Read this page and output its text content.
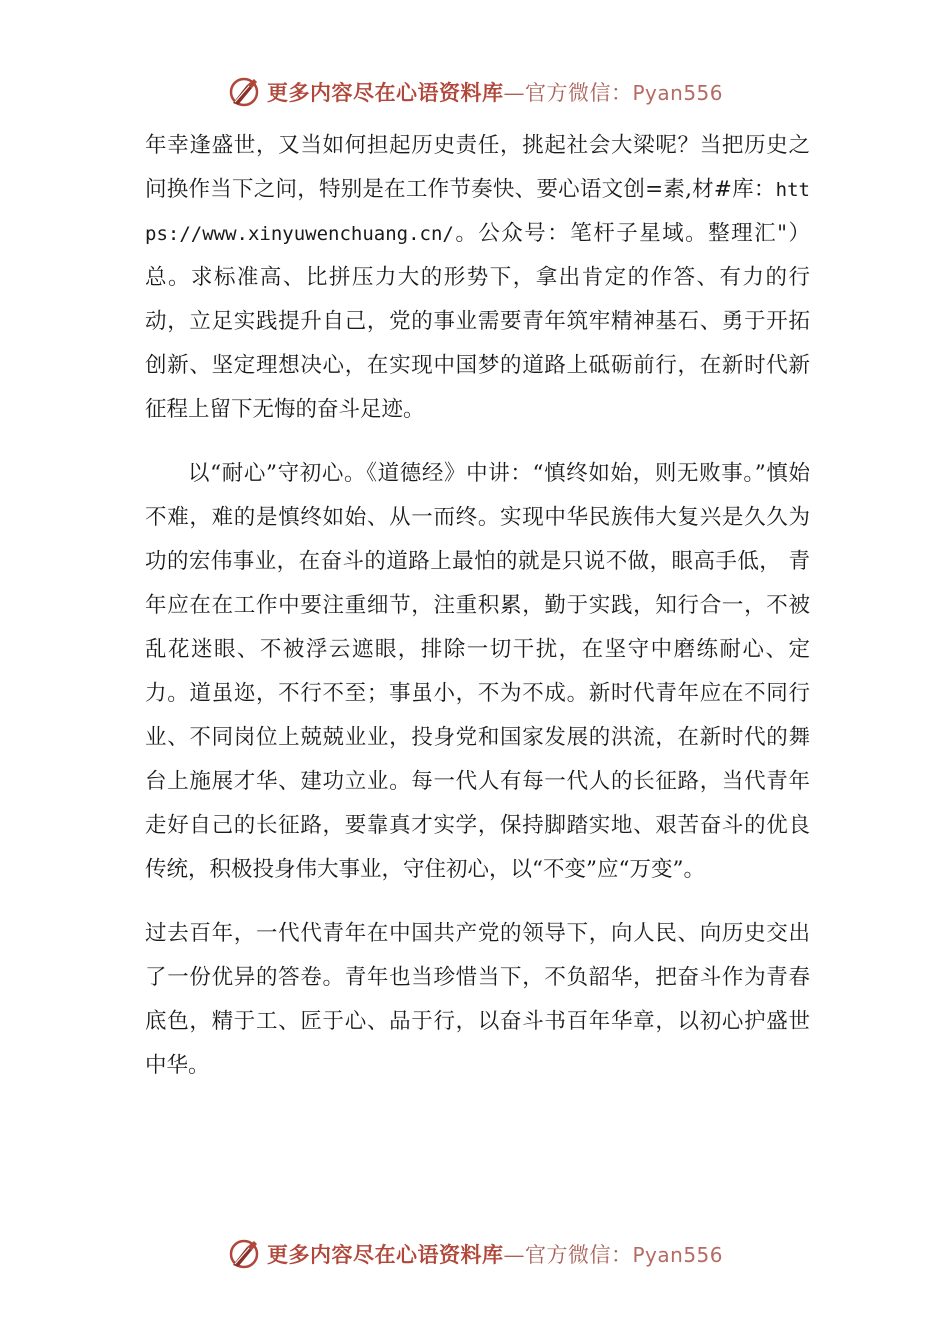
更多内容尽在心语资料库—官方微信：Pyan556

年幸逢盛世，又当如何担起历史责任，挑起社会大梁呢？当把历史之问换作当下之问，特别是在工作节奏快、要心语文创=素,材#库：https://www.xinyuwenchuang.cn/。公众号：笔杆子星域。整理汇"）总。求标准高、比拼压力大的形势下，拿出肯定的作答、有力的行动，立足实践提升自己，党的事业需要青年筑牢精神基石、勇于开拓创新、坚定理想决心，在实现中国梦的道路上砥砺前行，在新时代新征程上留下无悔的奋斗足迹。

以“耐心”守初心。《道德经》中讲：“慎终如始，则无败事。”慎始不难，难的是慎终如始、从一而终。实现中华民族伟大复兴是久久为功的宏伟事业，在奋斗的道路上最怕的就是只说不做，眼高手低， 青年应在在工作中要注重细节，注重积累，勤于实践，知行合一，不被乱花迷眼、不被浮云遮眼，排除一切干扰，在坚守中磨练耐心、定力。道虽迩，不行不至；事虽小，不为不成。新时代青年应在不同行业、不同岗位上兢兢业业，投身党和国家发展的洪流，在新时代的舞台上施展才华、建功立业。每一代人有每一代人的长征路，当代青年走好自己的长征路，要靠真才实学，保持脚踏实地、艰苦奋斗的优良传统，积极投身伟大事业，守住初心，以“不变”应“万变”。

过去百年，一代代青年在中国共产党的领导下，向人民、向历史交出了一份优异的答卷。青年也当珍惜当下，不负韶华，把奋斗作为青春底色，精于工、匠于心、品于行，以奋斗书百年华章，以初心护盛世中华。

更多内容尽在心语资料库—官方微信：Pyan556
